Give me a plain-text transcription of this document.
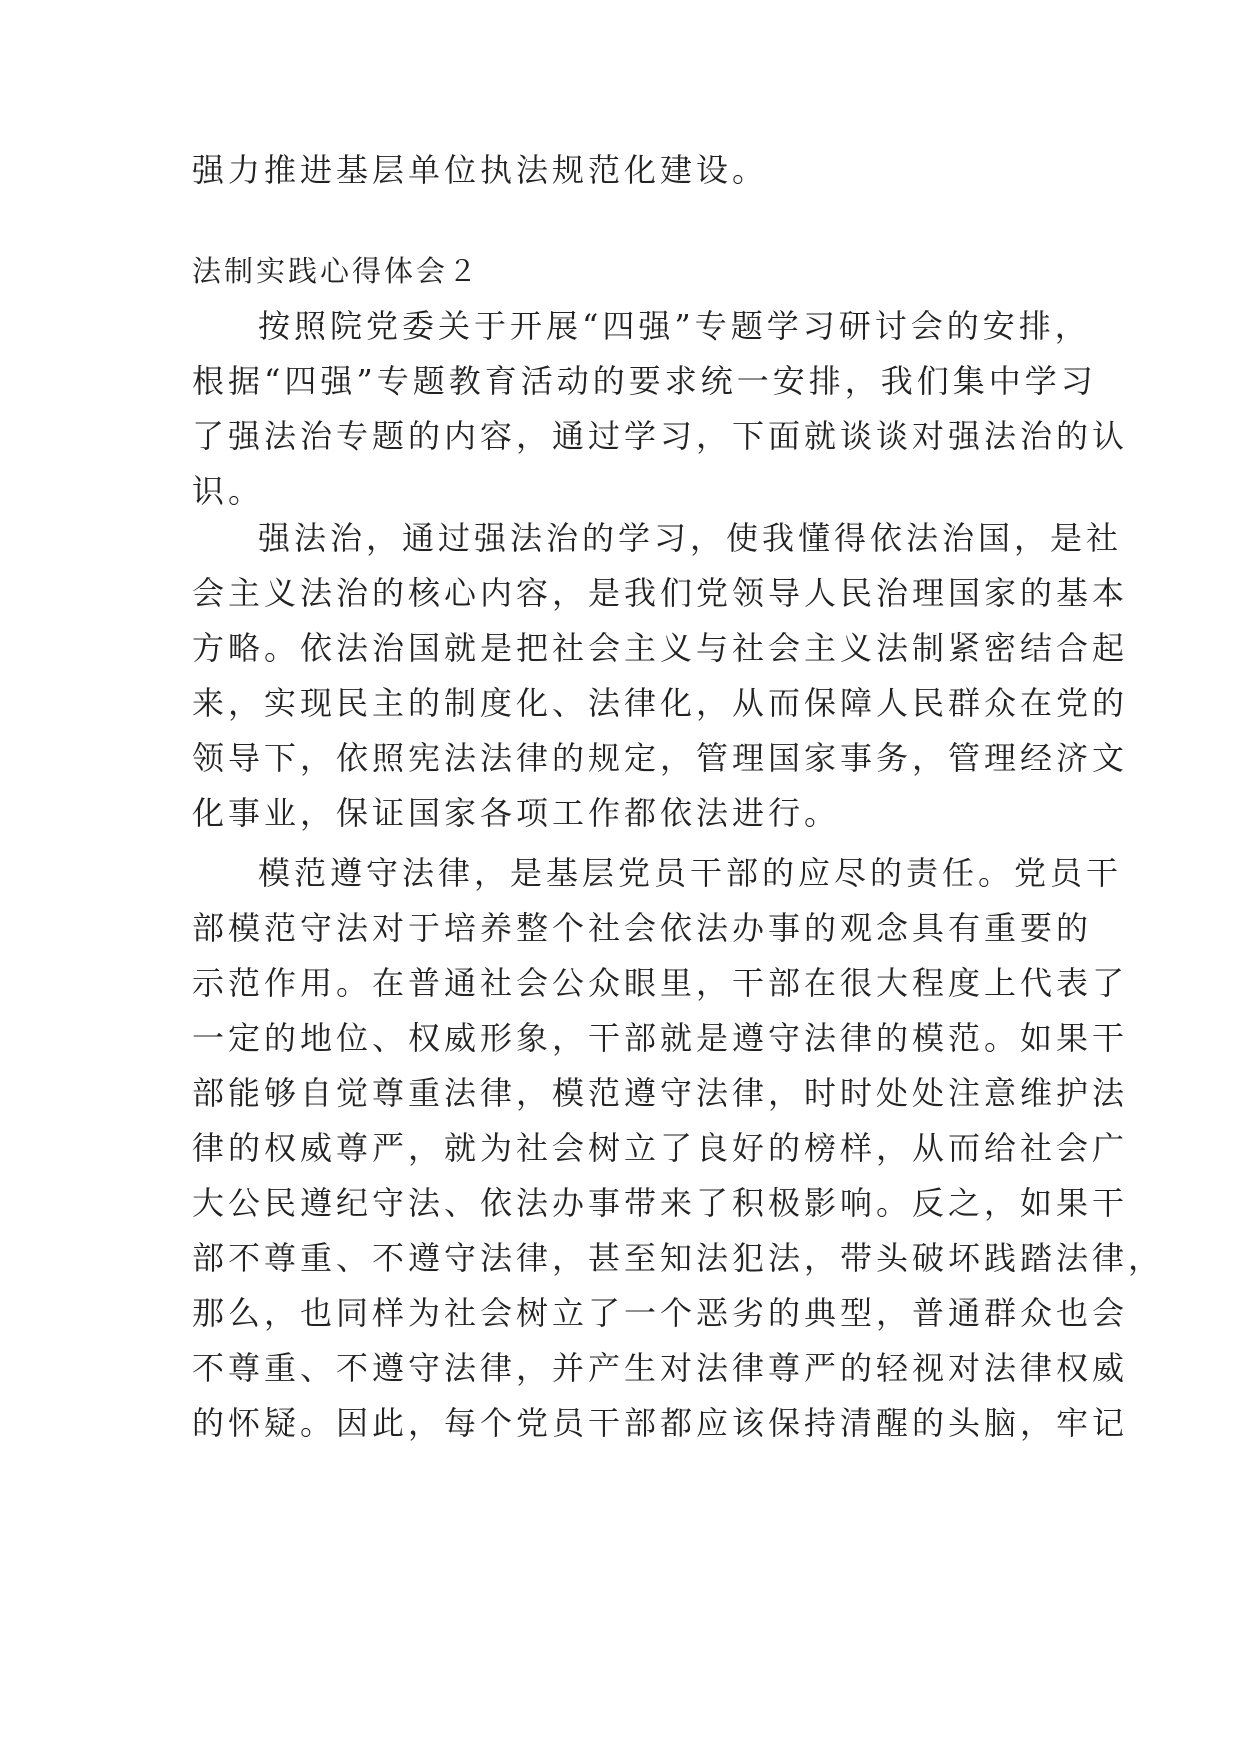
强力推进基层单位执法规范化建设。
法制实践心得体会２
按照院党委关于开展“四强”专题学习研讨会的安排，
根据“四强”专题教育活动的要求统一安排，我们集中学习
了强法治专题的内容，通过学习，下面就谈谈对强法治的认
识。
强法治，通过强法治的学习，使我懂得依法治国，是社
会主义法治的核心内容，是我们党领导人民治理国家的基本
方略。依法治国就是把社会主义与社会主义法制紧密结合起
来，实现民主的制度化、法律化，从而保障人民群众在党的
领导下，依照宪法法律的规定，管理国家事务，管理经济文
化事业，保证国家各项工作都依法进行。
模范遵守法律，是基层党员干部的应尽的责任。党员干
部模范守法对于培养整个社会依法办事的观念具有重要的
示范作用。在普通社会公众眼里，干部在很大程度上代表了
一定的地位、权威形象，干部就是遵守法律的模范。如果干
部能够自觉尊重法律，模范遵守法律，时时处处注意维护法
律的权威尊严，就为社会树立了良好的榜样，从而给社会广
大公民遵纪守法、依法办事带来了积极影响。反之，如果干
部不尊重、不遵守法律，甚至知法犯法，带头破坏践踏法律，
那么，也同样为社会树立了一个恶劣的典型，普通群众也会
不尊重、不遵守法律，并产生对法律尊严的轻视对法律权威
的怀疑。因此，每个党员干部都应该保持清醒的头脑，牢记
